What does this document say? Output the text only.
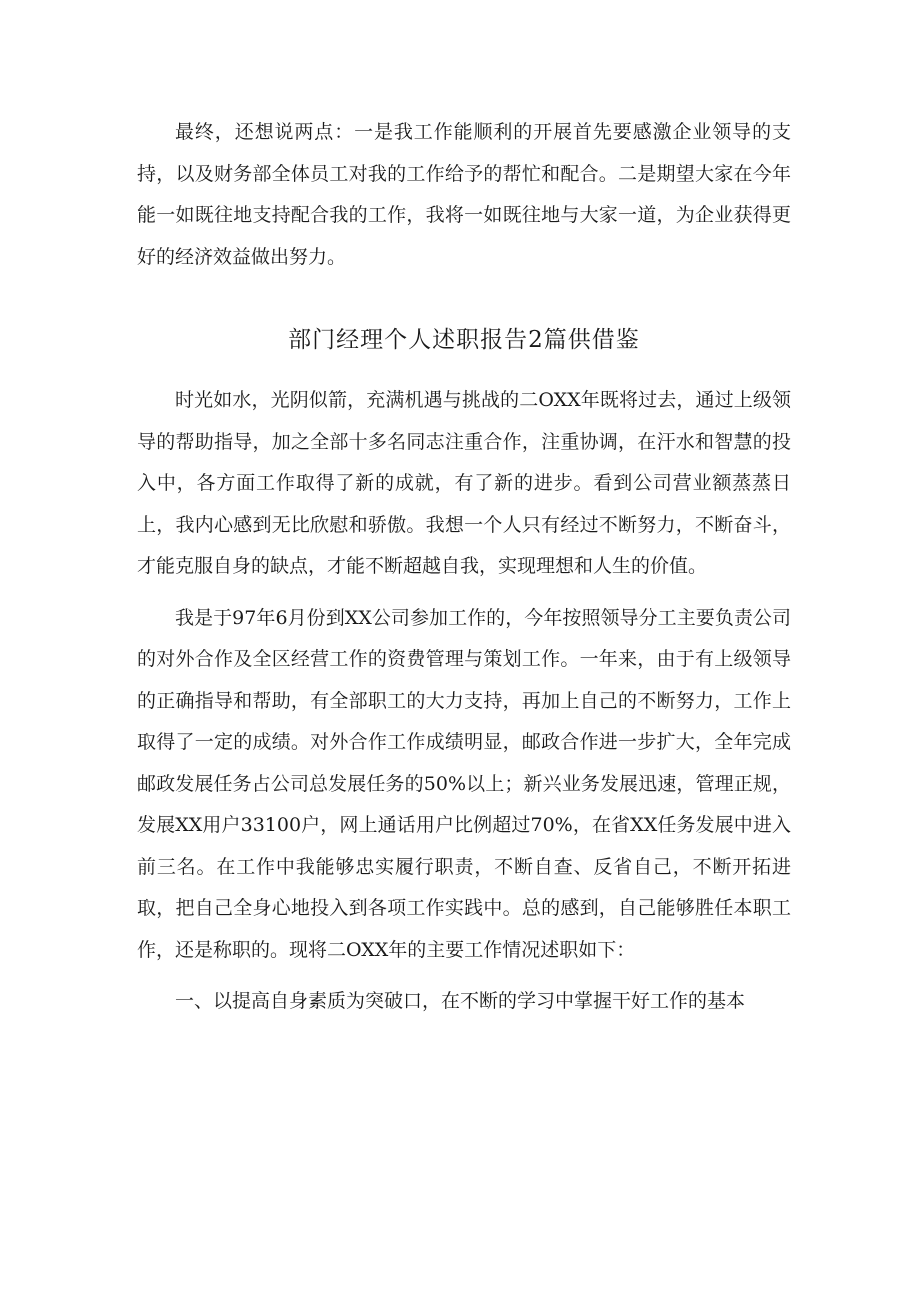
最终，还想说两点：一是我工作能顺利的开展首先要感激企业领导的支持，以及财务部全体员工对我的工作给予的帮忙和配合。二是期望大家在今年能一如既往地支持配合我的工作，我将一如既往地与大家一道，为企业获得更好的经济效益做出努力。

部门经理个人述职报告2篇供借鉴

时光如水，光阴似箭，充满机遇与挑战的二OXX年既将过去，通过上级领导的帮助指导，加之全部十多名同志注重合作，注重协调，在汗水和智慧的投入中，各方面工作取得了新的成就，有了新的进步。看到公司营业额蒸蒸日上，我内心感到无比欣慰和骄傲。我想一个人只有经过不断努力，不断奋斗，才能克服自身的缺点，才能不断超越自我，实现理想和人生的价值。

我是于97年6月份到XX公司参加工作的，今年按照领导分工主要负责公司的对外合作及全区经营工作的资费管理与策划工作。一年来，由于有上级领导的正确指导和帮助，有全部职工的大力支持，再加上自己的不断努力，工作上取得了一定的成绩。对外合作工作成绩明显，邮政合作进一步扩大，全年完成邮政发展任务占公司总发展任务的50%以上；新兴业务发展迅速，管理正规，发展XX用户33100户，网上通话用户比例超过70%，在省XX任务发展中进入前三名。在工作中我能够忠实履行职责，不断自查、反省自己，不断开拓进取，把自己全身心地投入到各项工作实践中。总的感到，自己能够胜任本职工作，还是称职的。现将二OXX年的主要工作情况述职如下：

一、以提高自身素质为突破口，在不断的学习中掌握干好工作的基本
